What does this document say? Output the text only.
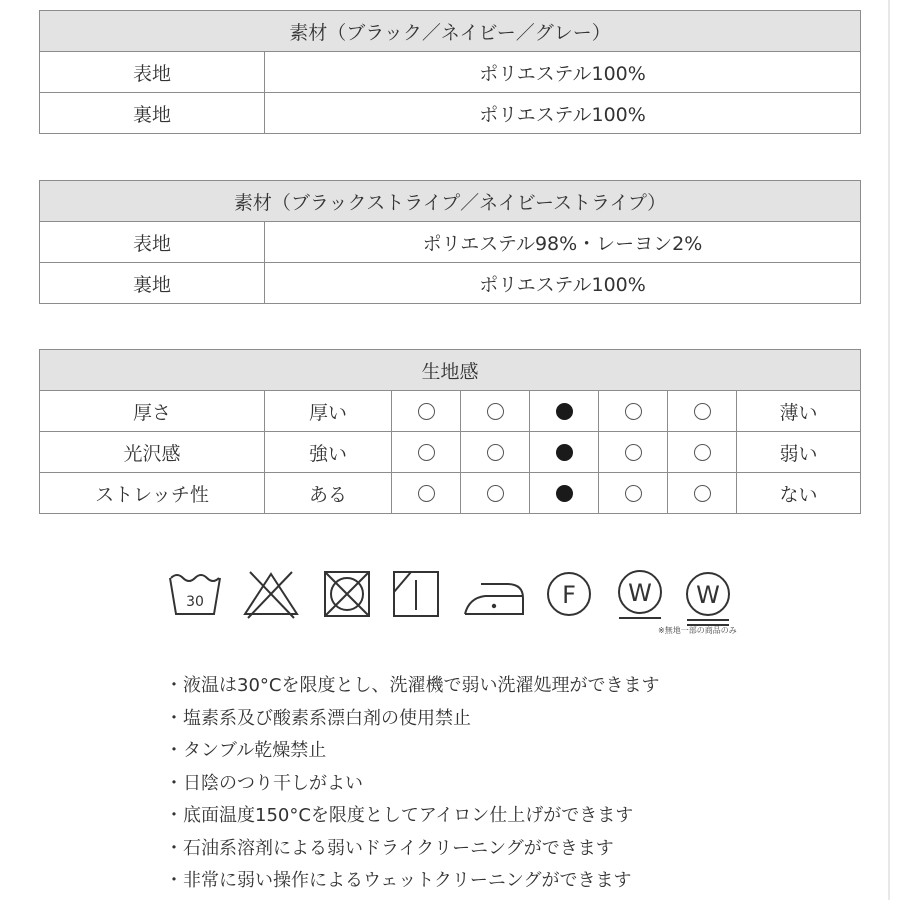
素材（ブラック／ネイビー／グレー）	
表地	ポリエステル100%
裏地	ポリエステル100%
素材（ブラックストライプ／ネイビーストライプ）	
表地	ポリエステル98%・レーヨン2%
裏地	ポリエステル100%
生地感							
厚さ	厚い						薄い
光沢感	強い						弱い
ストレッチ性	ある						ない
30	F W W
※無地一部の商品のみ
・液温は30°Cを限度とし、洗濯機で弱い洗濯処理ができます
・塩素系及び酸素系漂白剤の使用禁止
・タンブル乾燥禁止
・日陰のつり干しがよい
・底面温度150°Cを限度としてアイロン仕上げができます
・石油系溶剤による弱いドライクリーニングができます
・非常に弱い操作によるウェットクリーニングができます
